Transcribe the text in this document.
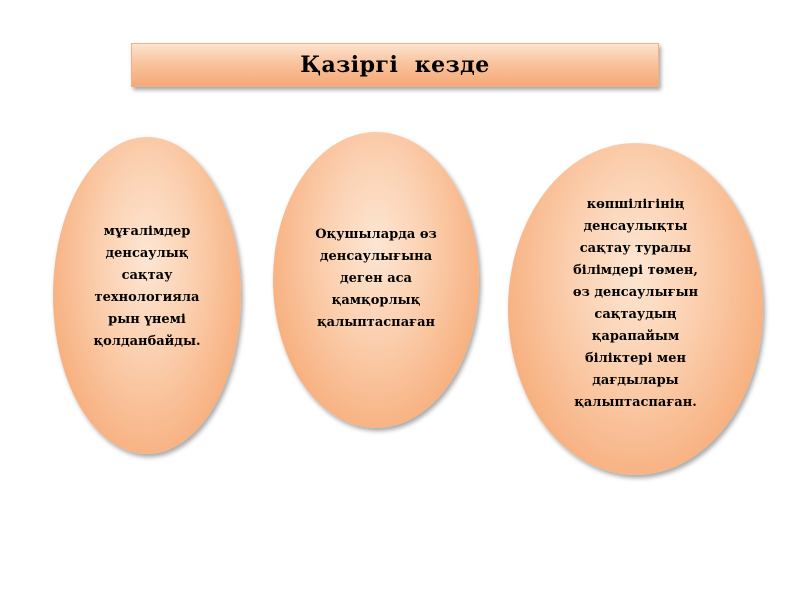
Қазіргі  кезде
мұғалімдер
денсаулық
сақтау
технологияла
рын үнемі
қолданбайды.
Оқушыларда өз
денсаулығына
деген аса
қамқорлық
қалыптаспаған
көпшілігінің
денсаулықты
сақтау туралы
білімдері төмен,
өз денсаулығын
сақтаудың
қарапайым
біліктері мен
дағдылары
қалыптаспаған.
